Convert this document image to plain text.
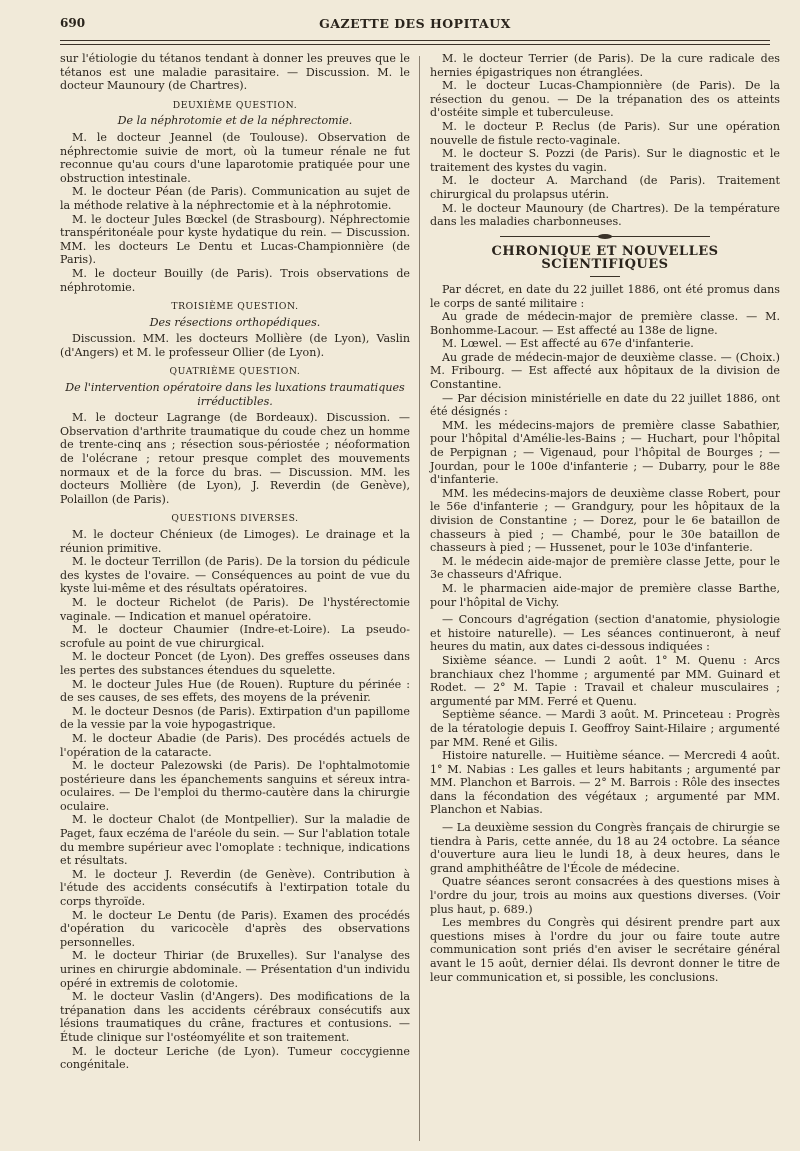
690	GAZETTE DES HOPITAUX

sur l'étiologie du tétanos tendant à donner les preuves que le tétanos est une maladie parasitaire. — Discussion. M. le docteur Maunoury (de Chartres).

DEUXIÈME QUESTION.
De la néphrotomie et de la néphrectomie.

M. le docteur Jeannel (de Toulouse). Observation de néphrectomie suivie de mort, où la tumeur rénale ne fut reconnue qu'au cours d'une laparotomie pratiquée pour une obstruction intestinale.

M. le docteur Péan (de Paris). Communication au sujet de la méthode relative à la néphrectomie et à la néphrotomie.

M. le docteur Jules Bœckel (de Strasbourg). Néphrectomie transpéritonéale pour kyste hydatique du rein. — Discussion. MM. les docteurs Le Dentu et Lucas-Championnière (de Paris).

M. le docteur Bouilly (de Paris). Trois observations de néphrotomie.

TROISIÈME QUESTION.
Des résections orthopédiques.

Discussion. MM. les docteurs Mollière (de Lyon), Vaslin (d'Angers) et M. le professeur Ollier (de Lyon).

QUATRIÈME QUESTION.
De l'intervention opératoire dans les luxations traumatiques irréductibles.

M. le docteur Lagrange (de Bordeaux). Discussion. — Observation d'arthrite traumatique du coude chez un homme de trente-cinq ans ; résection sous-périostée ; néoformation de l'olécrane ; retour presque complet des mouvements normaux et de la force du bras. — Discussion. MM. les docteurs Mollière (de Lyon), J. Reverdin (de Genève), Polaillon (de Paris).

QUESTIONS DIVERSES.

M. le docteur Chénieux (de Limoges). Le drainage et la réunion primitive.

M. le docteur Terrillon (de Paris). De la torsion du pédicule des kystes de l'ovaire. — Conséquences au point de vue du kyste lui-même et des résultats opératoires.

M. le docteur Richelot (de Paris). De l'hystérectomie vaginale. — Indication et manuel opératoire.

M. le docteur Chaumier (Indre-et-Loire). La pseudo-scrofule au point de vue chirurgical.

M. le docteur Poncet (de Lyon). Des greffes osseuses dans les pertes des substances étendues du squelette.

M. le docteur Jules Hue (de Rouen). Rupture du périnée : de ses causes, de ses effets, des moyens de la prévenir.

M. le docteur Desnos (de Paris). Extirpation d'un papillome de la vessie par la voie hypogastrique.

M. le docteur Abadie (de Paris). Des procédés actuels de l'opération de la cataracte.

M. le docteur Palezowski (de Paris). De l'ophtalmotomie postérieure dans les épanchements sanguins et séreux intra-oculaires. — De l'emploi du thermo-cautère dans la chirurgie oculaire.

M. le docteur Chalot (de Montpellier). Sur la maladie de Paget, faux eczéma de l'aréole du sein. — Sur l'ablation totale du membre supérieur avec l'omoplate : technique, indications et résultats.

M. le docteur J. Reverdin (de Genève). Contribution à l'étude des accidents consécutifs à l'extirpation totale du corps thyroïde.

M. le docteur Le Dentu (de Paris). Examen des procédés d'opération du varicocèle d'après des observations personnelles.

M. le docteur Thiriar (de Bruxelles). Sur l'analyse des urines en chirurgie abdominale. — Présentation d'un individu opéré in extremis de colotomie.

M. le docteur Vaslin (d'Angers). Des modifications de la trépanation dans les accidents cérébraux consécutifs aux lésions traumatiques du crâne, fractures et contusions. — Étude clinique sur l'ostéomyélite et son traitement.

M. le docteur Leriche (de Lyon). Tumeur coccygienne congénitale.

M. le docteur Terrier (de Paris). De la cure radicale des hernies épigastriques non étranglées.

M. le docteur Lucas-Championnière (de Paris). De la résection du genou. — De la trépanation des os atteints d'ostéite simple et tuberculeuse.

M. le docteur P. Reclus (de Paris). Sur une opération nouvelle de fistule recto-vaginale.

M. le docteur S. Pozzi (de Paris). Sur le diagnostic et le traitement des kystes du vagin.

M. le docteur A. Marchand (de Paris). Traitement chirurgical du prolapsus utérin.

M. le docteur Maunoury (de Chartres). De la température dans les maladies charbonneuses.

CHRONIQUE ET NOUVELLES SCIENTIFIQUES

Par décret, en date du 22 juillet 1886, ont été promus dans le corps de santé militaire :

Au grade de médecin-major de première classe. — M. Bonhomme-Lacour. — Est affecté au 138e de ligne.

M. Lœwel. — Est affecté au 67e d'infanterie.

Au grade de médecin-major de deuxième classe. — (Choix.) M. Fribourg. — Est affecté aux hôpitaux de la division de Constantine.

— Par décision ministérielle en date du 22 juillet 1886, ont été désignés :

MM. les médecins-majors de première classe Sabathier, pour l'hôpital d'Amélie-les-Bains ; — Huchart, pour l'hôpital de Perpignan ; — Vigenaud, pour l'hôpital de Bourges ; — Jourdan, pour le 100e d'infanterie ; — Dubarry, pour le 88e d'infanterie.

MM. les médecins-majors de deuxième classe Robert, pour le 56e d'infanterie ; — Grandgury, pour les hôpitaux de la division de Constantine ; — Dorez, pour le 6e bataillon de chasseurs à pied ; — Chambé, pour le 30e bataillon de chasseurs à pied ; — Hussenet, pour le 103e d'infanterie.

M. le médecin aide-major de première classe Jette, pour le 3e chasseurs d'Afrique.

M. le pharmacien aide-major de première classe Barthe, pour l'hôpital de Vichy.

— Concours d'agrégation (section d'anatomie, physiologie et histoire naturelle). — Les séances continueront, à neuf heures du matin, aux dates ci-dessous indiquées :

Sixième séance. — Lundi 2 août. 1° M. Quenu : Arcs branchiaux chez l'homme ; argumenté par MM. Guinard et Rodet. — 2° M. Tapie : Travail et chaleur musculaires ; argumenté par MM. Ferré et Quenu.

Septième séance. — Mardi 3 août. M. Princeteau : Progrès de la tératologie depuis I. Geoffroy Saint-Hilaire ; argumenté par MM. René et Gilis.

Histoire naturelle. — Huitième séance. — Mercredi 4 août. 1° M. Nabias : Les galles et leurs habitants ; argumenté par MM. Planchon et Barrois. — 2° M. Barrois : Rôle des insectes dans la fécondation des végétaux ; argumenté par MM. Planchon et Nabias.

— La deuxième session du Congrès français de chirurgie se tiendra à Paris, cette année, du 18 au 24 octobre. La séance d'ouverture aura lieu le lundi 18, à deux heures, dans le grand amphithéâtre de l'École de médecine.

Quatre séances seront consacrées à des questions mises à l'ordre du jour, trois au moins aux questions diverses. (Voir plus haut, p. 689.)

Les membres du Congrès qui désirent prendre part aux questions mises à l'ordre du jour ou faire toute autre communication sont priés d'en aviser le secrétaire général avant le 15 août, dernier délai. Ils devront donner le titre de leur communication et, si possible, les conclusions.
